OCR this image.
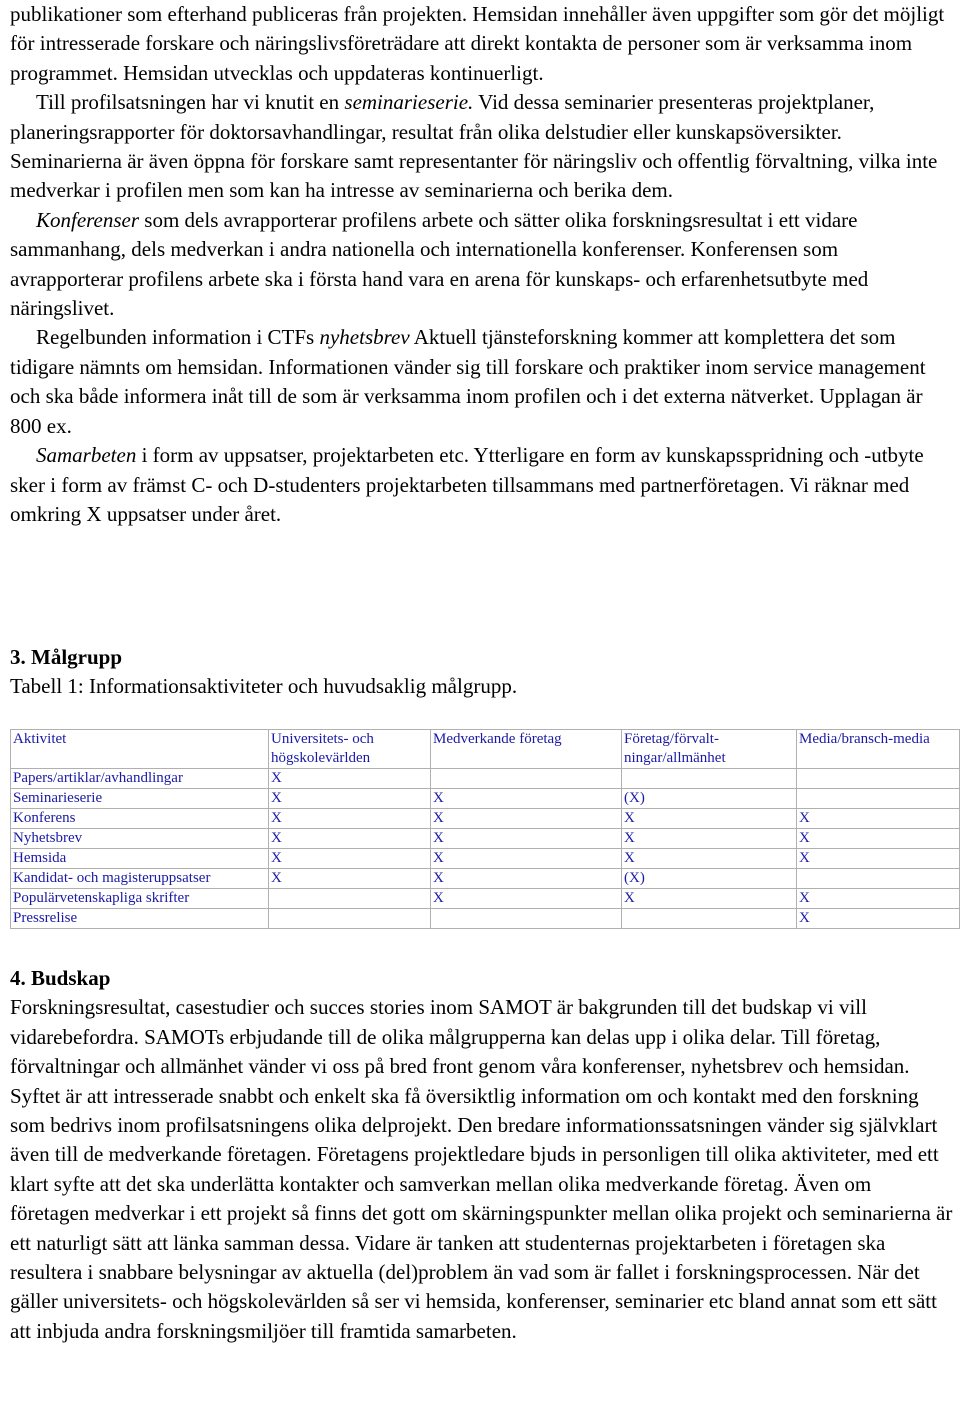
publikationer som efterhand publiceras från projekten. Hemsidan innehåller även uppgifter som gör det möjligt för intresserade forskare och näringslivsföreträdare att direkt kontakta de personer som är verksamma inom programmet. Hemsidan utvecklas och uppdateras kontinuerligt.

Till profilsatsningen har vi knutit en seminarieserie. Vid dessa seminarier presenteras projektplaner, planeringsrapporter för doktorsavhandlingar, resultat från olika delstudier eller kunskapsöversikter. Seminarierna är även öppna för forskare samt representanter för näringsliv och offentlig förvaltning, vilka inte medverkar i profilen men som kan ha intresse av seminarierna och berika dem.

Konferenser som dels avrapporterar profilens arbete och sätter olika forskningsresultat i ett vidare sammanhang, dels medverkan i andra nationella och internationella konferenser. Konferensen som avrapporterar profilens arbete ska i första hand vara en arena för kunskaps- och erfarenhetsutbyte med näringslivet.

Regelbunden information i CTFs nyhetsbrev Aktuell tjänsteforskning kommer att komplettera det som tidigare nämnts om hemsidan. Informationen vänder sig till forskare och praktiker inom service management och ska både informera inåt till de som är verksamma inom profilen och i det externa nätverket. Upplagan är 800 ex.

Samarbeten i form av uppsatser, projektarbeten etc. Ytterligare en form av kunskapsspridning och -utbyte sker i form av främst C- och D-studenters projektarbeten tillsammans med partnerföretagen. Vi räknar med omkring X uppsatser under året.

3. Målgrupp

Tabell 1: Informationsaktiviteter och huvudsaklig målgrupp.

Aktivitet	Universitets- och högskolevärlden	Medverkande företag	Företag/förvalt-ningar/allmänhet	Media/bransch-media
Papers/artiklar/avhandlingar	X			
Seminarieserie	X	X	(X)	
Konferens	X	X	X	X
Nyhetsbrev	X	X	X	X
Hemsida	X	X	X	X
Kandidat- och magisteruppsatser	X	X	(X)	
Populärvetenskapliga skrifter		X	X	X
Pressrelise				X
4. Budskap

Forskningsresultat, casestudier och succes stories inom SAMOT är bakgrunden till det budskap vi vill vidarebefordra. SAMOTs erbjudande till de olika målgrupperna kan delas upp i olika delar. Till företag, förvaltningar och allmänhet vänder vi oss på bred front genom våra konferenser, nyhetsbrev och hemsidan. Syftet är att intresserade snabbt och enkelt ska få översiktlig information om och kontakt med den forskning som bedrivs inom profilsatsningens olika delprojekt. Den bredare informationssatsningen vänder sig självklart även till de medverkande företagen. Företagens projektledare bjuds in personligen till olika aktiviteter, med ett klart syfte att det ska underlätta kontakter och samverkan mellan olika medverkande företag. Även om företagen medverkar i ett projekt så finns det gott om skärningspunkter mellan olika projekt och seminarierna är ett naturligt sätt att länka samman dessa. Vidare är tanken att studenternas projektarbeten i företagen ska resultera i snabbare belysningar av aktuella (del)problem än vad som är fallet i forskningsprocessen. När det gäller universitets- och högskolevärlden så ser vi hemsida, konferenser, seminarier etc bland annat som ett sätt att inbjuda andra forskningsmiljöer till framtida samarbeten.
